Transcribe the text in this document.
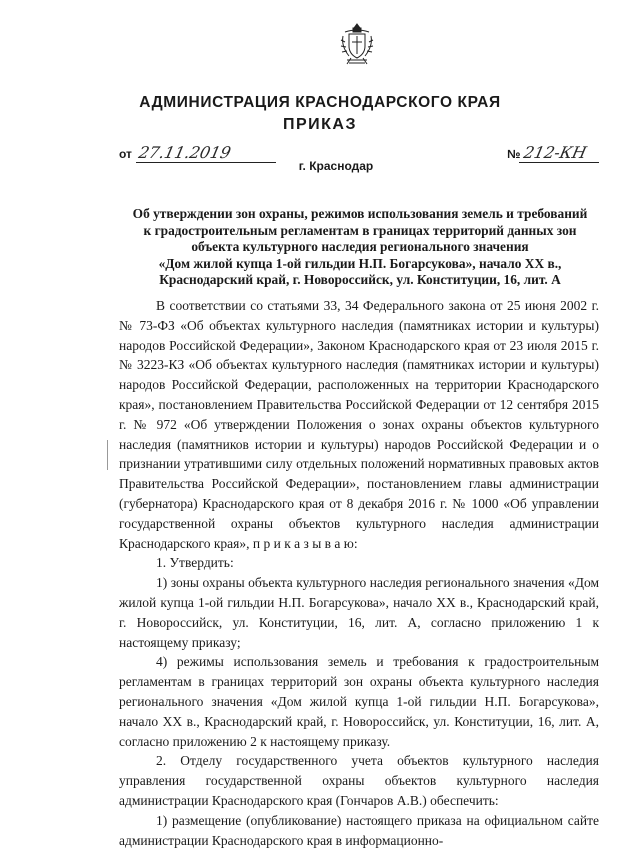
АДМИНИСТРАЦИЯ КРАСНОДАРСКОГО КРАЯ
ПРИКАЗ
от 27.11.2019	№ 212-КН
г. Краснодар
Об утверждении зон охраны, режимов использования земель и требований
к градостроительным регламентам в границах территорий данных зон
объекта культурного наследия регионального значения
«Дом жилой купца 1-ой гильдии Н.П. Богарсукова», начало XX в.,
Краснодарский край, г. Новороссийск, ул. Конституции, 16, лит. А

В соответствии со статьями 33, 34 Федерального закона от 25 июня 2002 г. № 73-ФЗ «Об объектах культурного наследия (памятниках истории и культуры) народов Российской Федерации», Законом Краснодарского края от 23 июля 2015 г. № 3223-КЗ «Об объектах культурного наследия (памятниках истории и культуры) народов Российской Федерации, расположенных на территории Краснодарского края», постановлением Правительства Российской Федерации от 12 сентября 2015 г. № 972 «Об утверждении Положения о зонах охраны объектов культурного наследия (памятников истории и культуры) народов Российской Федерации и о признании утратившими силу отдельных положений нормативных правовых актов Правительства Российской Федерации», постановлением главы администрации (губернатора) Краснодарского края от 8 декабря 2016 г. № 1000 «Об управлении государственной охраны объектов культурного наследия администрации Краснодарского края», п р и к а з ы в а ю:

1. Утвердить:

1) зоны охраны объекта культурного наследия регионального значения «Дом жилой купца 1-ой гильдии Н.П. Богарсукова», начало XX в., Краснодарский край, г. Новороссийск, ул. Конституции, 16, лит. А, согласно приложению 1 к настоящему приказу;

4) режимы использования земель и требования к градостроительным регламентам в границах территорий зон охраны объекта культурного наследия регионального значения «Дом жилой купца 1-ой гильдии Н.П. Богарсукова», начало XX в., Краснодарский край, г. Новороссийск, ул. Конституции, 16, лит. А, согласно приложению 2 к настоящему приказу.

2. Отделу государственного учета объектов культурного наследия управления государственной охраны объектов культурного наследия администрации Краснодарского края (Гончаров А.В.) обеспечить:

1) размещение (опубликование) настоящего приказа на официальном сайте администрации Краснодарского края в информационно-
